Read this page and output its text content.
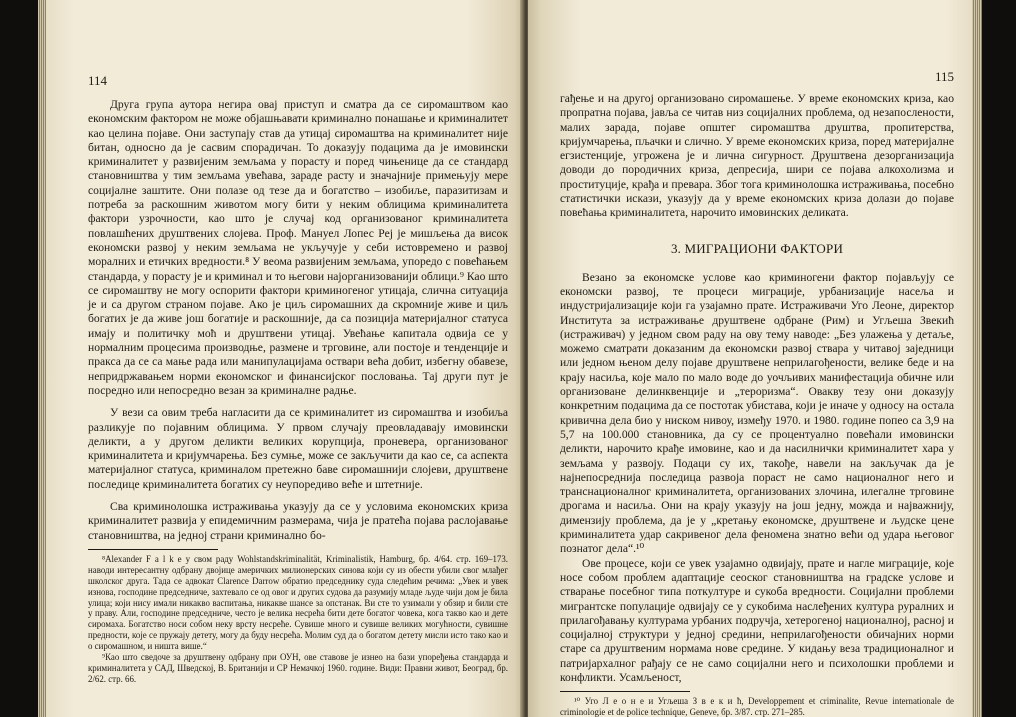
114

Друга група аутора негира овај приступ и сматра да се сиромаштвом као економским фактором не може објашњавати криминално понашање и криминалитет као целина појаве. Они заступају став да утицај сиромаштва на криминалитет није битан, односно да је сасвим спорадичан. То доказују подацима да је имовински криминалитет у развијеним земљама у порасту и поред чињенице да се стандард становништва у тим земљама увећава, зараде расту и значајније примењују мере социјалне заштите. Они полазе од тезе да и богатство – изобиље, паразитизам и потреба за раскошним животом могу бити у неким облицима криминалитета фактори узрочности, као што је случај код организованог криминалитета повлашћених друштвених слојева. Проф. Мануел Лопес Реј је мишљења да висок економски развој у неким земљама не укључује у себи истовремено и развој моралних и етичких вредности.⁸ У веома развијеним земљама, упоредо с повећањем стандарда, у порасту је и криминал и то његови најорганизованији облици.⁹ Као што се сиромаштву не могу оспорити фактори криминогеног утицаја, слична ситуација је и са другом страном појаве. Ако је циљ сиромашних да скромније живе и циљ богатих је да живе још богатије и раскошније, да са позиција материјалног статуса имају и политичку моћ и друштвени утицај. Увећање капитала одвија се у нормалним процесима производње, размене и трговине, али постоје и тенденције и пракса да се са мање рада или манипулацијама оствари већа добит, избегну обавезе, непридржавањем норми економског и финансијског пословања. Тај други пут је посредно или непосредно везан за криминалне радње.

У вези са овим треба нагласити да се криминалитет из сиромаштва и изобиља разликује по појавним облицима. У првом случају преовладавају имовински деликти, а у другом деликти великих корупција, проневера, организованог криминалитета и кријумчарења. Без сумње, може се закључити да као се, са аспекта материјалног статуса, криминалом претежно баве сиромашнији слојеви, друштвене последице криминалитета богатих су неупоредиво веће и штетније.

Сва криминолошка истраживања указују да се у условима економских криза криминалитет развија у епидемичним размерама, чија је пратећа појава раслојавање становништва, на једној страни криминално бо-

⁸Alexander F a l k e у свом раду Wohlstandskriminalität, Kriminalistik, Hamburg, бр. 4/64. стр. 169–173. наводи интересантну одбрану двојице америчких милионерских синова који су из обести убили свог млађег школског друга. Тада се адвокат Clarence Darrow обратио председнику суда следећим речима: „Увек и увек изнова, господине председниче, захтевало се од овог и других судова да разумију младе људе чији дом је била улица; који нису имали никакво васпитања, никакве шансе за опстанак. Ви сте то узимали у обзир и били сте у праву. Али, господине председниче, често је велика несрећа бити дете богатог човека, кога такво као и дете сиромаха. Богатство носи собом неку врсту несреће. Сувише много и сувише великих могућности, сувишне предности, које се пружају детету, могу да буду несрећа. Молим суд да о богатом детету мисли исто тако као и о сиромашном, и ништа више.“

⁹Као што сведоче за друштвену одбрану при ОУН, ове ставове је изнео на бази упоређења стандарда и криминалитета у САД, Шведској, В. Британији и СР Немачкој 1960. године. Види: Правни живот, Београд, бр. 2/62. стр. 66.

115

гађење и на другој организовано сиромашење. У време економских криза, као пропратна појава, јавља се читав низ социјалних проблема, од незапослености, малих зарада, појаве општег сиромаштва друштва, пропитерства, кријумчарења, пљачки и слично. У време економских криза, поред материјалне егзистенције, угрожена је и лична сигурност. Друштвена дезорганизација доводи до породичних криза, депресија, шири се појава алкохолизма и проституције, крађа и превара. Због тога криминолошка истраживања, посебно статистички искази, указују да у време економских криза долази до појаве повећања криминалитета, нарочито имовинских деликата.

3. МИГРАЦИОНИ ФАКТОРИ

Везано за економске услове као криминогени фактор појављују се економски развој, те процеси миграције, урбанизације насеља и индустријализације који га узајамно прате. Истраживачи Уго Леоне, директор Института за истраживање друштвене одбране (Рим) и Угљеша Звекић (истраживач) у једном свом раду на ову тему наводе: „Без улажења у детаље, можемо сматрати доказаним да економски развој ствара у читавој заједници или једном њеном делу појаве друштвене неприлагођености, велике беде и на крају насиља, које мало по мало воде до уочљивих манифестација обичне или организоване делинквенције и „тероризма“. Овакву тезу они доказују конкретним подацима да се постотак убистава, који је иначе у односу на остала кривична дела био у ниском нивоу, између 1970. и 1980. године попео са 3,9 на 5,7 на 100.000 становника, да су се процентуално повећали имовински деликти, нарочито крађе имовине, као и да насилнички криминалитет хара у земљама у развоју. Подаци су их, такође, навели на закључак да је најнепосреднија последица развоја пораст не само националног него и транснационалног криминалитета, организованих злочина, илегалне трговине дрогама и насиља. Они на крају указују на још једну, можда и најважнију, димензију проблема, да је у „кретању економске, друштвене и људске цене криминалитета удар сакривеног дела феномена знатно већи од удара његовог познатог дела“.¹⁰

Ове процесе, који се увек узајамно одвијају, прате и нагле миграције, које носе собом проблем адаптације сеоског становништва на градске услове и стварање посебног типа поткултуре и сукоба вредности. Социјални проблеми мигрантске популације одвијају се у сукобима наслеђених култура руралних и прилагођавању културама урбаних подручја, хетерогеној националној, расној и социјалној структури у једној средини, неприлагођености обичајних норми старе са друштвеним нормама нове средине. У кидању веза традиционалног и патријархалног рађају се не само социјални него и психолошки проблеми и конфликти. Усамљеност,

¹⁰ Уго Л е о н е и Угљеша З в е к и ћ, Developpement et criminalite, Revue internationale de criminologie et de police technique, Geneve, бр. 3/87. стр. 271–285.
